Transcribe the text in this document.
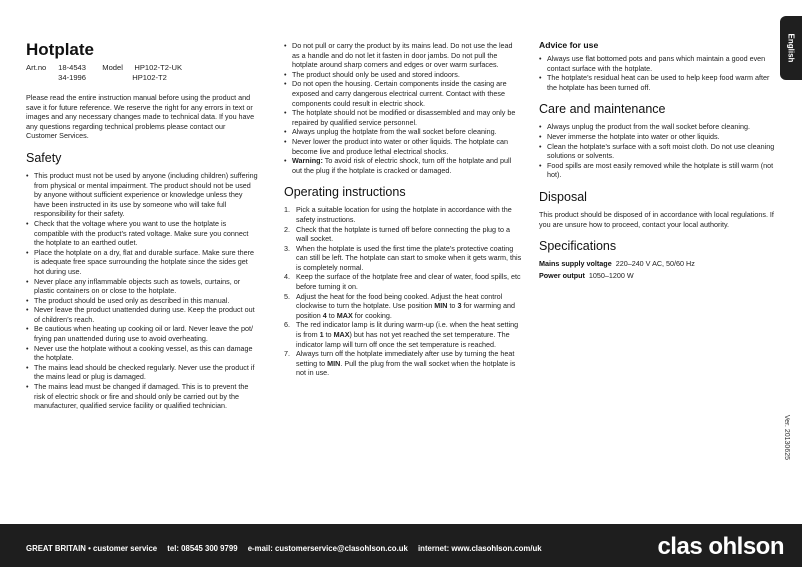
English
Hotplate
Art.no 18-4543 Model HP102-T2-UK
34-1996	HP102-T2

Please read the entire instruction manual before using the product and save it for future reference. We reserve the right for any errors in text or images and any necessary changes made to technical data. If you have any questions regarding technical problems please contact our Customer Services.

Safety
• This product must not be used by anyone (including children) suffering from physical or mental impairment. The product should not be used by anyone without sufficient experience or knowledge unless they have been instructed in its use by someone who will take full responsibility for their safety.
• Check that the voltage where you want to use the hotplate is compatible with the product’s rated voltage. Make sure you connect the hotplate to an earthed outlet.
• Place the hotplate on a dry, flat and durable surface. Make sure there is adequate free space surrounding the hotplate since the sides get hot during use.
• Never place any inflammable objects such as towels, curtains, or plastic containers on or close to the hotplate.
• The product should be used only as described in this manual.
• Never leave the product unattended during use. Keep the product out of children’s reach.
• Be cautious when heating up cooking oil or lard. Never leave the pot/ frying pan unattended during use to avoid overheating.
• Never use the hotplate without a cooking vessel, as this can damage the hotplate.
• The mains lead should be checked regularly. Never use the product if the mains lead or plug is damaged.
• The mains lead must be changed if damaged. This is to prevent the risk of electric shock or fire and should only be carried out by the manufacturer, qualified service facility or qualified technician.
• Do not pull or carry the product by its mains lead. Do not use the lead as a handle and do not let it fasten in door jambs. Do not pull the hotplate around sharp corners and edges or over warm surfaces.
• The product should only be used and stored indoors.
• Do not open the housing. Certain components inside the casing are exposed and carry dangerous electrical current. Contact with these components could result in electric shock.
• The hotplate should not be modified or disassembled and may only be repaired by qualified service personnel.
• Always unplug the hotplate from the wall socket before cleaning.
• Never lower the product into water or other liquids. The hotplate can become live and produce lethal electrical shocks.
• Warning: To avoid risk of electric shock, turn off the hotplate and pull out the plug if the hotplate is cracked or damaged.
Operating instructions
1. Pick a suitable location for using the hotplate in accordance with the safety instructions.
2. Check that the hotplate is turned off before connecting the plug to a wall socket.
3. When the hotplate is used the first time the plate’s protective coating can still be left. The hotplate can start to smoke when it gets warm, this is completely normal.
4. Keep the surface of the hotplate free and clear of water, food spills, etc before turning it on.
5. Adjust the heat for the food being cooked. Adjust the heat control clockwise to turn the hotplate. Use position MIN to 3 for warming and position 4 to MAX for cooking.
6. The red indicator lamp is lit during warm-up (i.e. when the heat setting is from 1 to MAX) but has not yet reached the set temperature. The indicator lamp will turn off once the set temperature is reached.
7. Always turn off the hotplate immediately after use by turning the heat setting to MIN. Pull the plug from the wall socket when the hotplate is not in use.
Advice for use
• Always use flat bottomed pots and pans which maintain a good even contact surface with the hotplate.
• The hotplate’s residual heat can be used to help keep food warm after the hotplate has been turned off.
Care and maintenance
• Always unplug the product from the wall socket before cleaning.
• Never immerse the hotplate into water or other liquids.
• Clean the hotplate’s surface with a soft moist cloth. Do not use cleaning solutions or solvents.
• Food spills are most easily removed while the hotplate is still warm (not hot).
Disposal

This product should be disposed of in accordance with local regulations. If you are unsure how to proceed, contact your local authority.

Specifications
Mains supply voltage 220–240 V AC, 50/60 Hz
Power output 1050–1200 W
Ver. 20130625
GREAT BRITAIN • customer service tel: 08545 300 9799 e-mail: customerservice@clasohlson.co.uk internet: www.clasohlson.com/uk	clas ohlson
